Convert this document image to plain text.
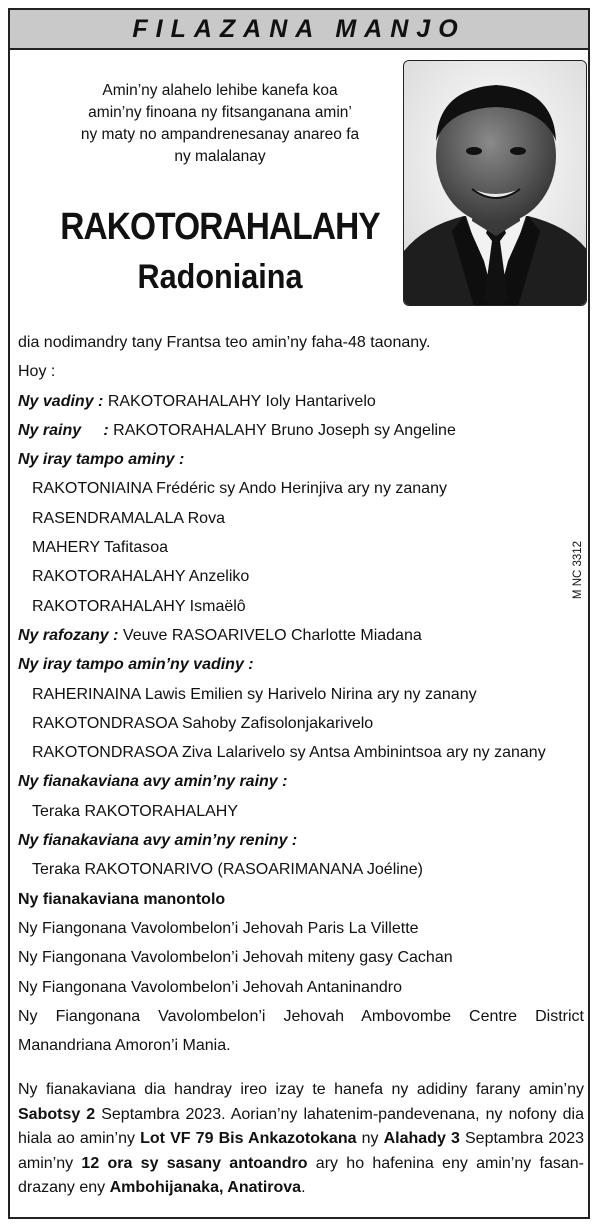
FILAZANA MANJO
Amin’ny alahelo lehibe kanefa koa
amin’ny finoana ny fitsanganana amin’
ny maty no ampandrenesanay anareo fa
ny malalanay
RAKOTORAHALAHY
Radoniaina
dia nodimandry tany Frantsa teo amin’ny faha-48 taonany.
Hoy :
Ny vadiny : RAKOTORAHALAHY Ioly Hantarivelo
Ny rainy     : RAKOTORAHALAHY Bruno Joseph sy Angeline
Ny iray tampo aminy :
RAKOTONIAINA Frédéric sy Ando Herinjiva ary ny zanany
RASENDRAMALALA Rova
MAHERY Tafitasoa
RAKOTORAHALAHY Anzeliko
RAKOTORAHALAHY Ismaëlô
Ny rafozany : Veuve RASOARIVELO Charlotte Miadana
Ny iray tampo amin’ny vadiny :
RAHERINAINA Lawis Emilien sy Harivelo Nirina ary ny zanany
RAKOTONDRASOA Sahoby Zafisolonjakarivelo
RAKOTONDRASOA Ziva Lalarivelo sy Antsa Ambinintsoa ary ny zanany
Ny fianakaviana avy amin’ny rainy :
Teraka RAKOTORAHALAHY
Ny fianakaviana avy amin’ny reniny :
Teraka RAKOTONARIVO (RASOARIMANANA Joéline)
Ny fianakaviana manontolo
Ny Fiangonana Vavolombelon’i Jehovah Paris La Villette
Ny Fiangonana Vavolombelon’i Jehovah miteny gasy Cachan
Ny Fiangonana Vavolombelon’i Jehovah Antaninandro
Ny Fiangonana Vavolombelon’i Jehovah Ambovombe Centre District
Manandriana Amoron’i Mania.
Ny fianakaviana dia handray ireo izay te hanefa ny adidiny farany amin’ny Sabotsy 2 Septambra 2023. Aorian’ny lahatenim-pandevenana, ny nofony dia hiala ao amin’ny Lot VF 79 Bis Ankazotokana ny Alahady 3 Septambra 2023 amin’ny 12 ora sy sasany antoandro ary ho hafenina eny amin’ny fasan-drazany eny Ambohijanaka, Anatirova.
M NC 3312
